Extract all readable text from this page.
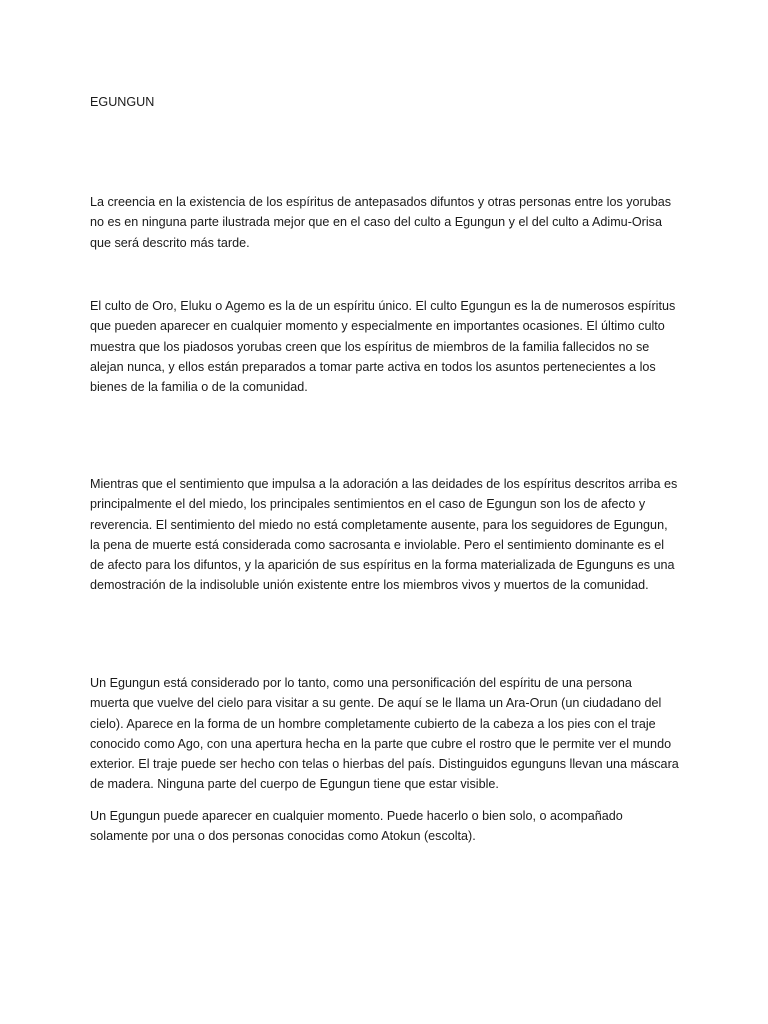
EGUNGUN

La creencia en la existencia de los espíritus de antepasados difuntos y otras personas entre los yorubas
no es en ninguna parte ilustrada mejor que en el caso del culto a Egungun y el del culto a Adimu-Orisa
que será descrito más tarde.

El culto de Oro, Eluku o Agemo es la de un espíritu único. El culto Egungun es la de numerosos espíritus
que pueden aparecer en cualquier momento y especialmente en importantes ocasiones. El último culto
muestra que los piadosos yorubas creen que los espíritus de miembros de la familia fallecidos no se
alejan nunca, y ellos están preparados a tomar parte activa en todos los asuntos pertenecientes a los
bienes de la familia o de la comunidad.

Mientras que el sentimiento que impulsa a la adoración a las deidades de los espíritus descritos arriba es
principalmente el del miedo, los principales sentimientos en el caso de Egungun son los de afecto y
reverencia. El sentimiento del miedo no está completamente ausente, para los seguidores de Egungun,
la pena de muerte está considerada como sacrosanta e inviolable. Pero el sentimiento dominante es el
de afecto para los difuntos, y la aparición de sus espíritus en la forma materializada de Egunguns es una
demostración de la indisoluble unión existente entre los miembros vivos y muertos de la comunidad.

Un Egungun está considerado por lo tanto, como una personificación del espíritu de una persona
muerta que vuelve del cielo para visitar a su gente. De aquí se le llama un Ara-Orun (un ciudadano del
cielo). Aparece en la forma de un hombre completamente cubierto de la cabeza a los pies con el traje
conocido como Ago, con una apertura hecha en la parte que cubre el rostro que le permite ver el mundo
exterior. El traje puede ser hecho con telas o hierbas del país. Distinguidos egunguns llevan una máscara
de madera. Ninguna parte del cuerpo de Egungun tiene que estar visible.

Un Egungun puede aparecer en cualquier momento. Puede hacerlo o bien solo, o acompañado
solamente por una o dos personas conocidas como Atokun (escolta).
